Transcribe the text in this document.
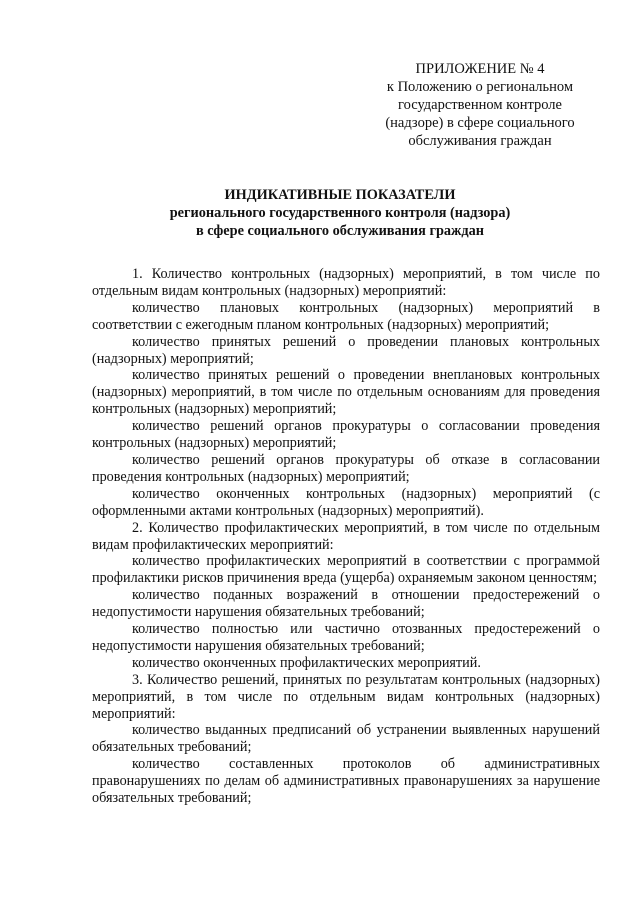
ПРИЛОЖЕНИЕ № 4
к Положению о региональном
государственном контроле
(надзоре) в сфере социального
обслуживания граждан
ИНДИКАТИВНЫЕ ПОКАЗАТЕЛИ
регионального государственного контроля (надзора)
в сфере социального обслуживания граждан

1. Количество контрольных (надзорных) мероприятий, в том числе по отдельным видам контрольных (надзорных) мероприятий:

количество плановых контрольных (надзорных) мероприятий в соответствии с ежегодным планом контрольных (надзорных) мероприятий;

количество принятых решений о проведении плановых контрольных (надзорных) мероприятий;

количество принятых решений о проведении внеплановых контрольных (надзорных) мероприятий, в том числе по отдельным основаниям для проведения контрольных (надзорных) мероприятий;

количество решений органов прокуратуры о согласовании проведения контрольных (надзорных) мероприятий;

количество решений органов прокуратуры об отказе в согласовании проведения контрольных (надзорных) мероприятий;

количество оконченных контрольных (надзорных) мероприятий (с оформленными актами контрольных (надзорных) мероприятий).

2. Количество профилактических мероприятий, в том числе по отдельным видам профилактических мероприятий:

количество профилактических мероприятий в соответствии с программой профилактики рисков причинения вреда (ущерба) охраняемым законом ценностям;

количество поданных возражений в отношении предостережений о недопустимости нарушения обязательных требований;

количество полностью или частично отозванных предостережений о недопустимости нарушения обязательных требований;

количество оконченных профилактических мероприятий.

3. Количество решений, принятых по результатам контрольных (надзорных) мероприятий, в том числе по отдельным видам контрольных (надзорных) мероприятий:

количество выданных предписаний об устранении выявленных нарушений обязательных требований;

количество составленных протоколов об административных правонарушениях по делам об административных правонарушениях за нарушение обязательных требований;
